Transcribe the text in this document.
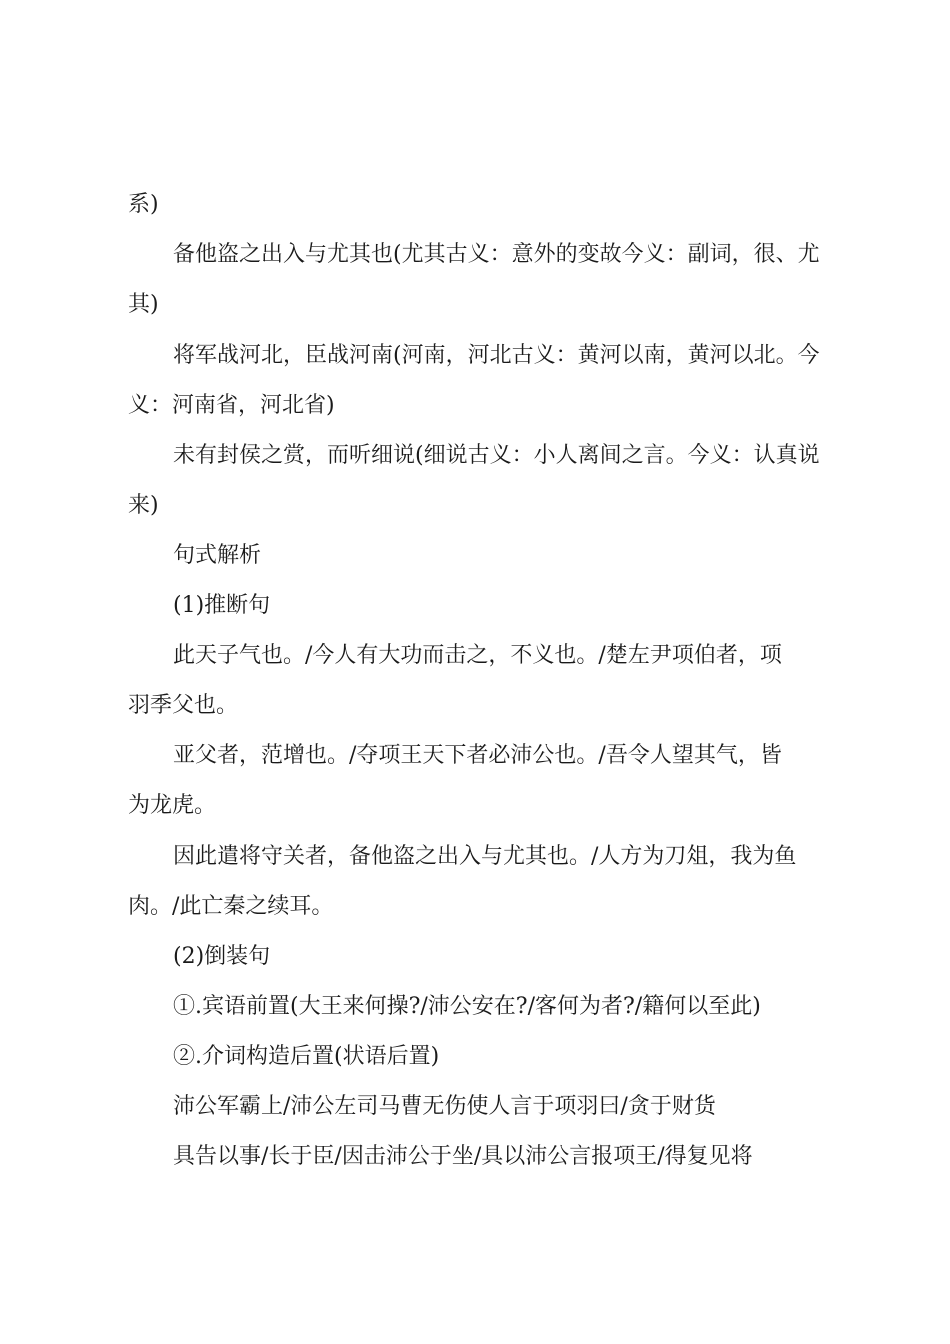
系)
备他盗之出入与尤其也(尤其古义：意外的变故今义：副词，很、尤
其)
将军战河北，臣战河南(河南，河北古义：黄河以南，黄河以北。今
义：河南省，河北省)
未有封侯之赏，而听细说(细说古义：小人离间之言。今义：认真说
来)
句式解析
(1)推断句
此天子气也。/今人有大功而击之，不义也。/楚左尹项伯者，项
羽季父也。
亚父者，范增也。/夺项王天下者必沛公也。/吾令人望其气，皆
为龙虎。
因此遣将守关者，备他盗之出入与尤其也。/人方为刀俎，我为鱼
肉。/此亡秦之续耳。
(2)倒装句
①.宾语前置(大王来何操?/沛公安在?/客何为者?/籍何以至此)
②.介词构造后置(状语后置)
沛公军霸上/沛公左司马曹无伤使人言于项羽曰/贪于财货
具告以事/长于臣/因击沛公于坐/具以沛公言报项王/得复见将
